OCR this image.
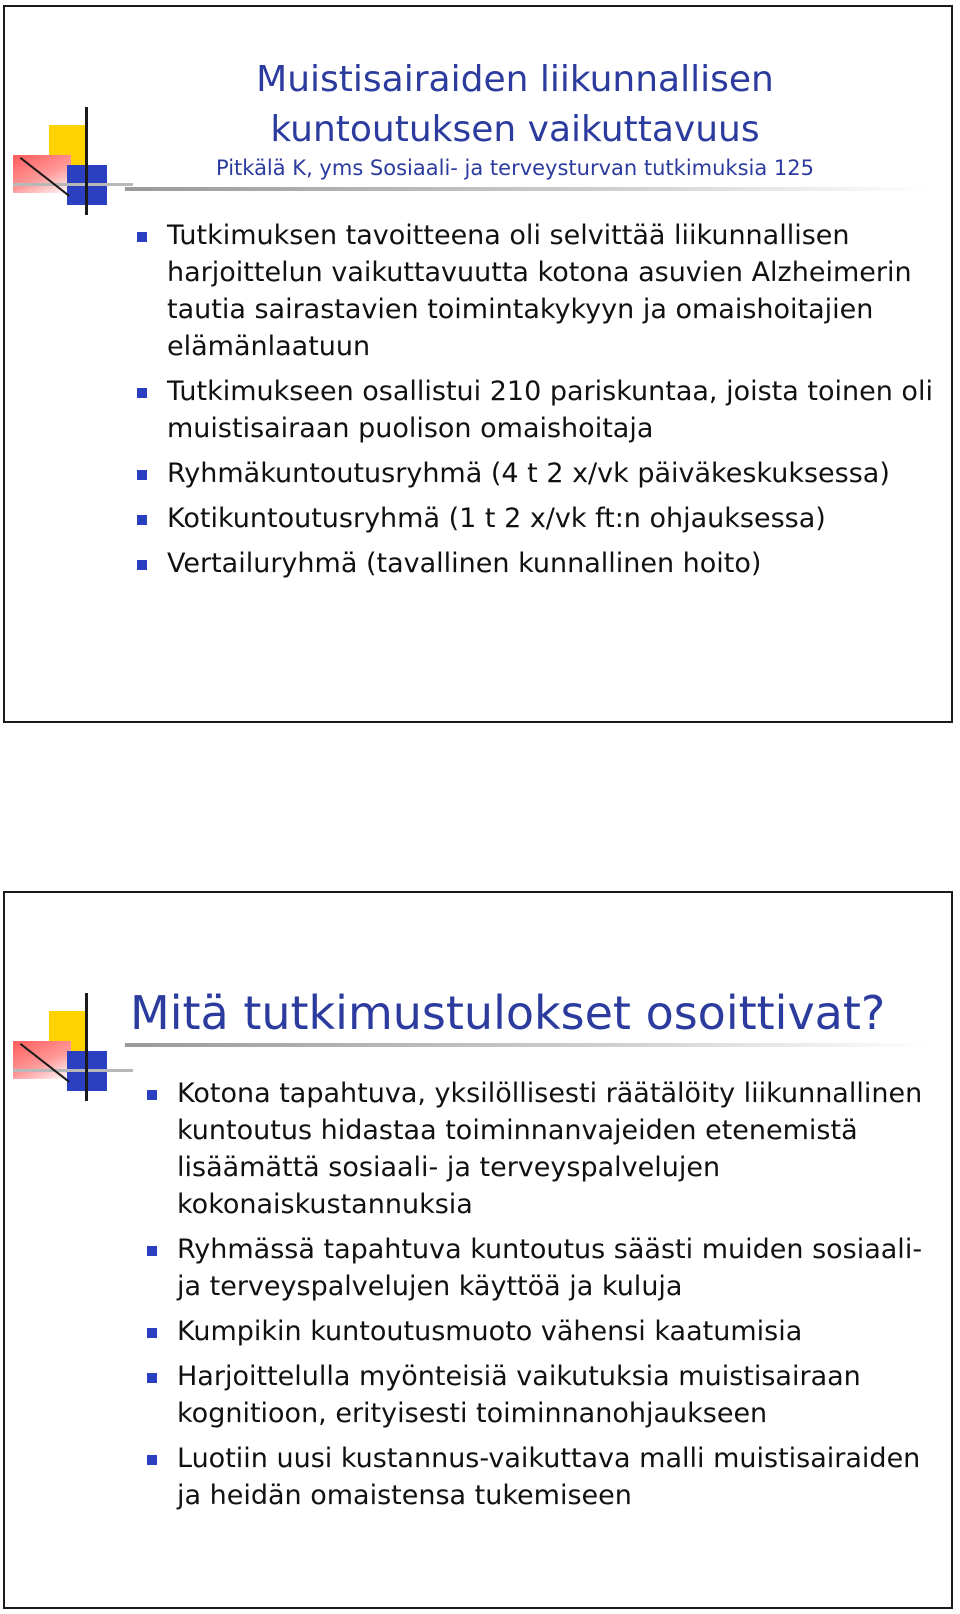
Muistisairaiden liikunnallisen kuntoutuksen vaikuttavuus
Pitkälä K, yms Sosiaali- ja terveysturvan tutkimuksia 125
Tutkimuksen tavoitteena oli selvittää liikunnallisen harjoittelun vaikuttavuutta kotona asuvien Alzheimerin tautia sairastavien toimintakykyyn ja omaishoitajien elämänlaatuun
Tutkimukseen osallistui 210 pariskuntaa, joista toinen oli muistisairaan puolison omaishoitaja
Ryhmäkuntoutusryhmä (4 t 2 x/vk päiväkeskuksessa)
Kotikuntoutusryhmä (1 t 2 x/vk ft:n ohjauksessa)
Vertailuryhmä (tavallinen kunnallinen hoito)
Mitä tutkimustulokset osoittivat?
Kotona tapahtuva, yksilöllisesti räätälöity liikunnallinen kuntoutus hidastaa toiminnanvajeiden etenemistä lisäämättä sosiaali- ja terveyspalvelujen kokonaiskustannuksia
Ryhmässä tapahtuva kuntoutus säästi muiden sosiaali- ja terveyspalvelujen käyttöä ja kuluja
Kumpikin kuntoutusmuoto vähensi kaatumisia
Harjoittelulla myönteisiä vaikutuksia muistisairaan kognitioon, erityisesti toiminnanohjaukseen
Luotiin uusi kustannus-vaikuttava malli muistisairaiden ja heidän omaistensa tukemiseen
